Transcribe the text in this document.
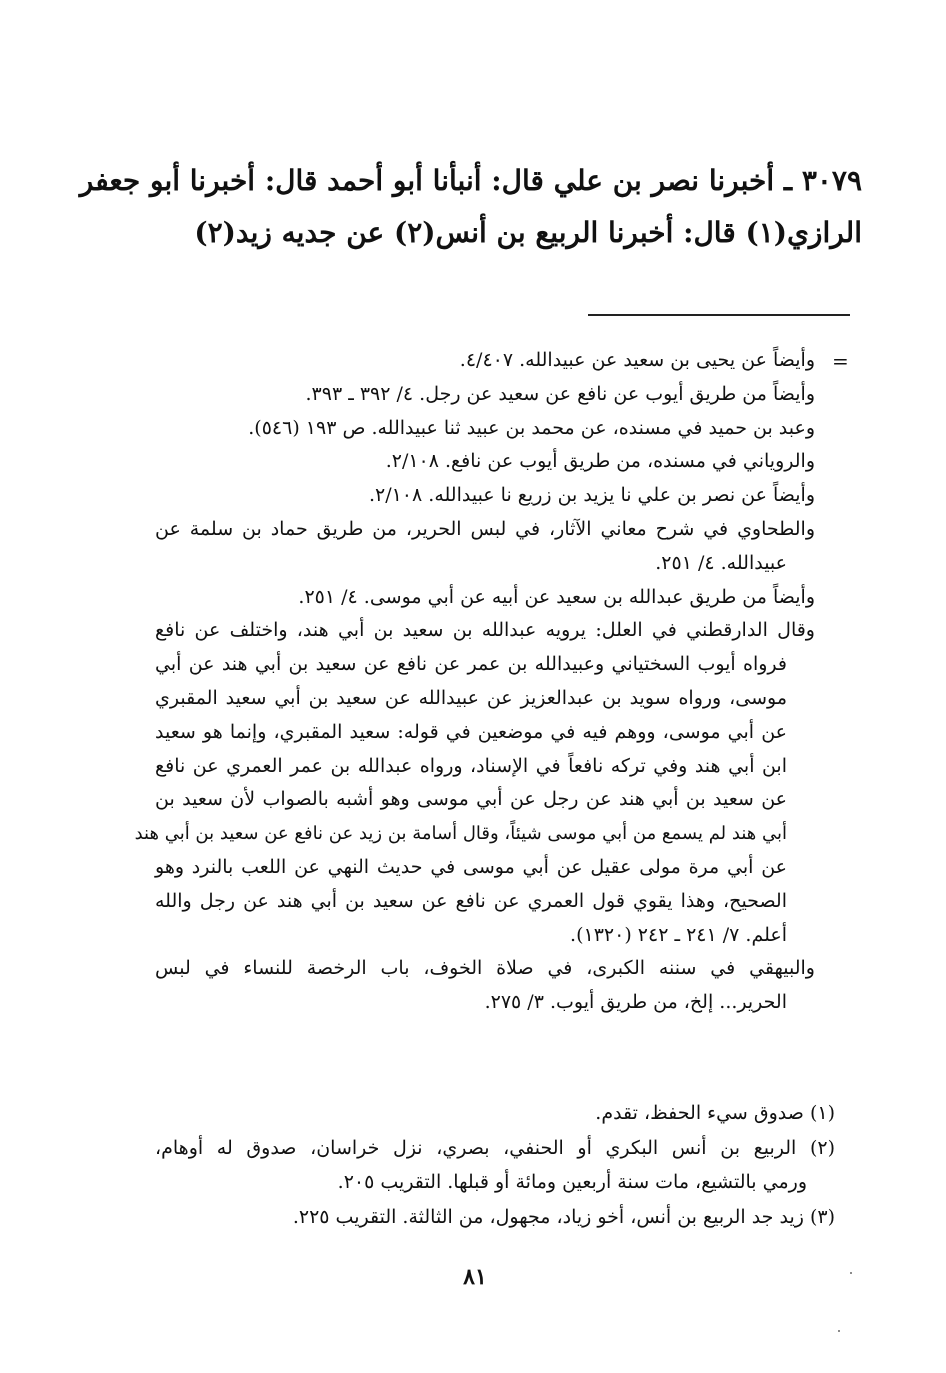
٣٠٧٩ ـ أخبرنا نصر بن علي قال: أنبأنا أبو أحمد قال: أخبرنا أبو جعفر
الرازي(١) قال: أخبرنا الربيع بن أنس(٢) عن جديه زيد(٢)
=
وأيضاً عن يحيى بن سعيد عن عبيدالله. ٤/٤٠٧.
وأيضاً من طريق أيوب عن نافع عن سعيد عن رجل. ٤/ ٣٩٢ ـ ٣٩٣.
وعبد بن حميد في مسنده، عن محمد بن عبيد ثنا عبيدالله. ص ١٩٣ (٥٤٦).
والروياني في مسنده، من طريق أيوب عن نافع. ٢/١٠٨.
وأيضاً عن نصر بن علي نا يزيد بن زريع نا عبيدالله. ٢/١٠٨.
والطحاوي في شرح معاني الآثار، في لبس الحرير، من طريق حماد بن سلمة عن
عبيدالله. ٤/ ٢٥١.
وأيضاً من طريق عبدالله بن سعيد عن أبيه عن أبي موسى. ٤/ ٢٥١.
وقال الدارقطني في العلل: يرويه عبدالله بن سعيد بن أبي هند، واختلف عن نافع
فرواه أيوب السختياني وعبيدالله بن عمر عن نافع عن سعيد بن أبي هند عن أبي
موسى، ورواه سويد بن عبدالعزيز عن عبيدالله عن سعيد بن أبي سعيد المقبري
عن أبي موسى، ووهم فيه في موضعين في قوله: سعيد المقبري، وإنما هو سعيد
ابن أبي هند وفي تركه نافعاً في الإسناد، ورواه عبدالله بن عمر العمري عن نافع
عن سعيد بن أبي هند عن رجل عن أبي موسى وهو أشبه بالصواب لأن سعيد بن
أبي هند لم يسمع من أبي موسى شيئاً، وقال أسامة بن زيد عن نافع عن سعيد بن أبي هند
عن أبي مرة مولى عقيل عن أبي موسى في حديث النهي عن اللعب بالنرد وهو
الصحيح، وهذا يقوي قول العمري عن نافع عن سعيد بن أبي هند عن رجل والله
أعلم. ٧/ ٢٤١ ـ ٢٤٢ (١٣٢٠).
والبيهقي في سننه الكبرى، في صلاة الخوف، باب الرخصة للنساء في لبس
الحرير... إلخ، من طريق أيوب. ٣/ ٢٧٥.
(١) صدوق سيء الحفظ، تقدم.
(٢) الربيع بن أنس البكري أو الحنفي، بصري، نزل خراسان، صدوق له أوهام،
ورمي بالتشيع، مات سنة أربعين ومائة أو قبلها. التقريب ٢٠٥.
(٣) زيد جد الربيع بن أنس، أخو زياد، مجهول، من الثالثة. التقريب ٢٢٥.
٨١
